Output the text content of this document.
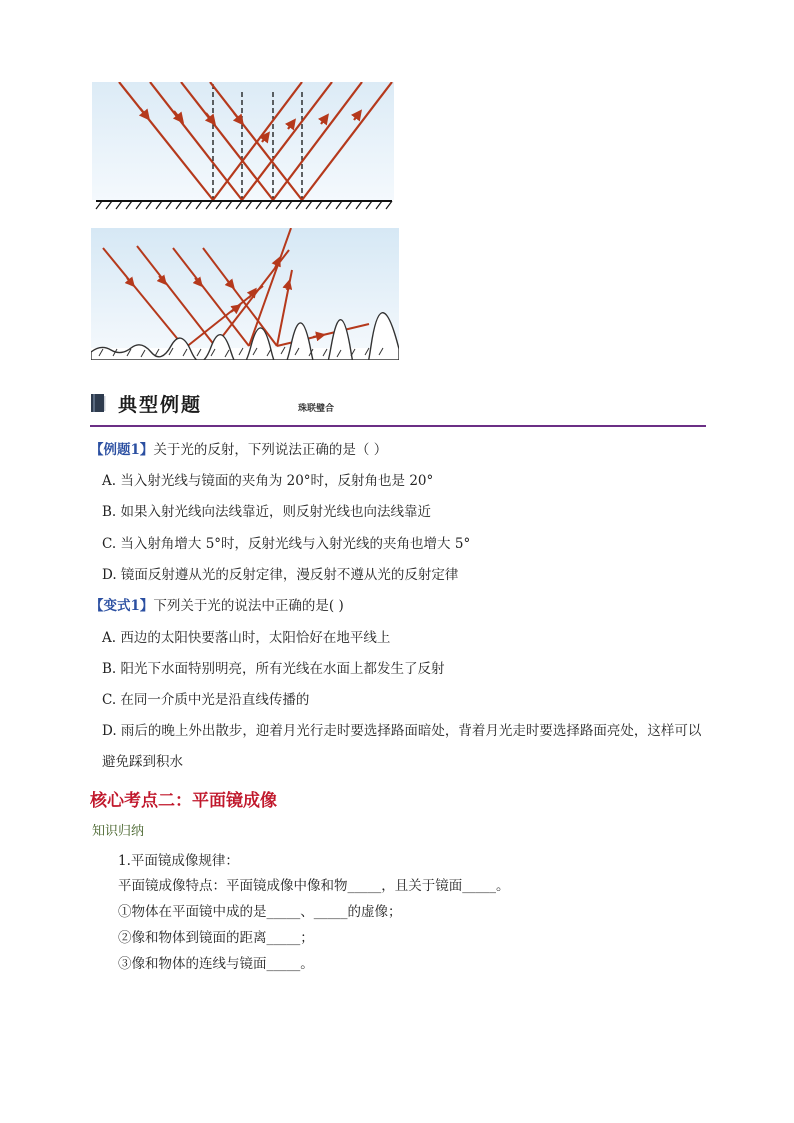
典型例题	珠联璧合
【例题1】关于光的反射，下列说法正确的是（ ）
A. 当入射光线与镜面的夹角为 20°时，反射角也是 20°
B. 如果入射光线向法线靠近，则反射光线也向法线靠近
C. 当入射角增大 5°时，反射光线与入射光线的夹角也增大 5°
D. 镜面反射遵从光的反射定律，漫反射不遵从光的反射定律
【变式1】下列关于光的说法中正确的是( )
A. 西边的太阳快要落山时，太阳恰好在地平线上
B. 阳光下水面特别明亮，所有光线在水面上都发生了反射
C. 在同一介质中光是沿直线传播的
D. 雨后的晚上外出散步，迎着月光行走时要选择路面暗处，背着月光走时要选择路面亮处，这样可以避免踩到积水
核心考点二：平面镜成像
知识归纳
1.平面镜成像规律：
平面镜成像特点：平面镜成像中像和物_____，且关于镜面_____。
①物体在平面镜中成的是_____、_____的虚像；
②像和物体到镜面的距离_____；
③像和物体的连线与镜面_____。
